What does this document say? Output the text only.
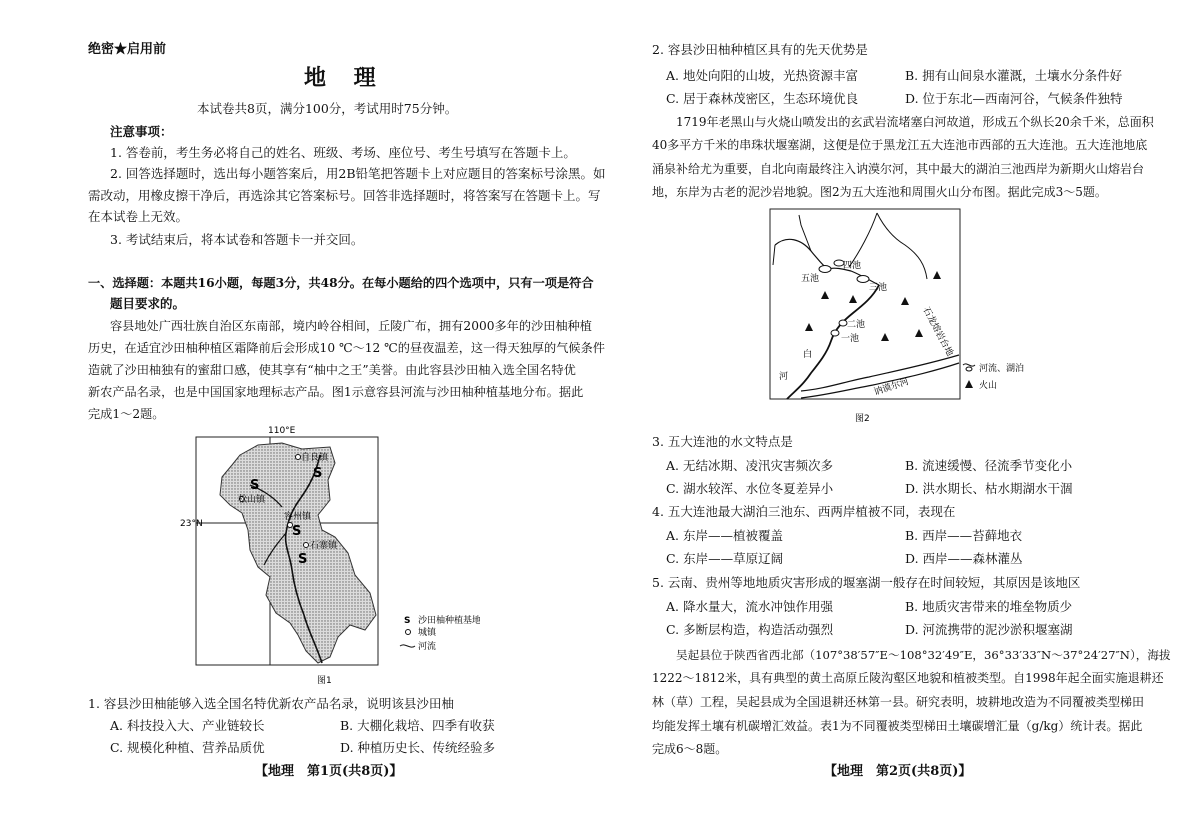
绝密★启用前
地 理
本试卷共8页，满分100分，考试用时75分钟。
注意事项：
1. 答卷前，考生务必将自己的姓名、班级、考场、座位号、考生号填写在答题卡上。
2. 回答选择题时，选出每小题答案后，用2B铅笔把答题卡上对应题目的答案标号涂黑。如
需改动，用橡皮擦干净后，再选涂其它答案标号。回答非选择题时，将答案写在答题卡上。写
在本试卷上无效。
3. 考试结束后，将本试卷和答题卡一并交回。
一、选择题：本题共16小题，每题3分，共48分。在每小题给的四个选项中，只有一项是符合
题目要求的。
容县地处广西壮族自治区东南部，境内岭谷相间，丘陵广布，拥有2000多年的沙田柚种植
历史，在适宜沙田柚种植区霜降前后会形成10 ℃～12 ℃的昼夜温差，这一得天独厚的气候条件
造就了沙田柚独有的蜜甜口感，使其享有“柚中之王”美誉。由此容县沙田柚入选全国名特优
新农产品名录，也是中国国家地理标志产品。图1示意容县河流与沙田柚种植基地分布。据此
完成1～2题。
S
S
S
S
110°E
23°N
自良镇
松山镇
容州镇
石寨镇
S 沙田柚种植基地
城镇
河流
图1
1. 容县沙田柚能够入选全国名特优新农产品名录，说明该县沙田柚
A. 科技投入大、产业链较长	B. 大棚化栽培、四季有收获
C. 规模化种植、营养品质优	D. 种植历史长、传统经验多
【地理　第1页(共8页)】
2. 容县沙田柚种植区具有的先天优势是
A. 地处向阳的山坡，光热资源丰富	B. 拥有山间泉水灌溉，土壤水分条件好
C. 居于森林茂密区，生态环境优良	D. 位于东北—西南河谷，气候条件独特
1719年老黑山与火烧山喷发出的玄武岩流堵塞白河故道，形成五个纵长20余千米，总面积
40多平方千米的串珠状堰塞湖，这便是位于黑龙江五大连池市西部的五大连池。五大连池地底
涌泉补给尤为重要，自北向南最终注入讷漠尔河，其中最大的湖泊三池西岸为新期火山熔岩台
地，东岸为古老的泥沙岩地貌。图2为五大连池和周围火山分布图。据此完成3～5题。
四池
五池
三池
二池
一池
白
河
石龙熔岩台地
讷谟尔河
河流、湖泊
火山
图2
3. 五大连池的水文特点是
A. 无结冰期、凌汛灾害频次多	B. 流速缓慢、径流季节变化小
C. 湖水较浑、水位冬夏差异小	D. 洪水期长、枯水期湖水干涸
4. 五大连池最大湖泊三池东、西两岸植被不同，表现在
A. 东岸——植被覆盖	B. 西岸——苔藓地衣
C. 东岸——草原辽阔	D. 西岸——森林灌丛
5. 云南、贵州等地地质灾害形成的堰塞湖一般存在时间较短，其原因是该地区
A. 降水量大，流水冲蚀作用强	B. 地质灾害带来的堆垒物质少
C. 多断层构造，构造活动强烈	D. 河流携带的泥沙淤积堰塞湖
吴起县位于陕西省西北部（107°38′57″E～108°32′49″E，36°33′33″N～37°24′27″N），海拔
1222～1812米，具有典型的黄土高原丘陵沟壑区地貌和植被类型。自1998年起全面实施退耕还
林（草）工程，吴起县成为全国退耕还林第一县。研究表明，坡耕地改造为不同覆被类型梯田
均能发挥土壤有机碳增汇效益。表1为不同覆被类型梯田土壤碳增汇量（g/kg）统计表。据此
完成6～8题。
【地理　第2页(共8页)】
